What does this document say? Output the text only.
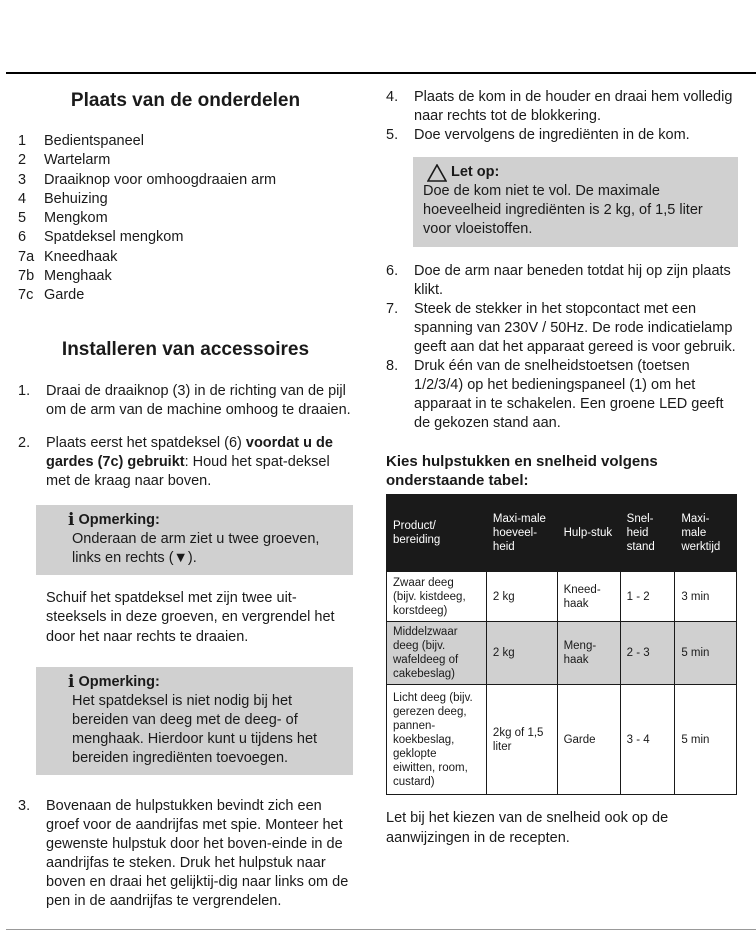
Plaats van de onderdelen
1	Bedientspaneel
2	Wartelarm
3	Draaiknop voor omhoogdraaien arm
4	Behuizing
5	Mengkom
6	Spatdeksel mengkom
7a Kneedhaak
7b Menghaak
7c Garde
Installeren van accessoires
1.	Draai de draaiknop (3) in de richting van de pijl om de arm van de machine omhoog te draaien.
2.	Plaats eerst het spatdeksel (6) voordat u de gardes (7c) gebruikt: Houd het spat-deksel met de kraag naar boven.
i Opmerking:
Onderaan de arm ziet u twee groeven, links en rechts (▼).
Schuif het spatdeksel met zijn twee uit-steeksels in deze groeven, en vergrendel het door het naar rechts te draaien.
i Opmerking:
Het spatdeksel is niet nodig bij het bereiden van deeg met de deeg- of menghaak. Hierdoor kunt u tijdens het bereiden ingrediënten toevoegen.
3.	Bovenaan de hulpstukken bevindt zich een groef voor de aandrijfas met spie. Monteer het gewenste hulpstuk door het boven-einde in de aandrijfas te steken. Druk het hulpstuk naar boven en draai het gelijktij-dig naar links om de pen in de aandrijfas te vergrendelen.
4.	Plaats de kom in de houder en draai hem volledig naar rechts tot de blokkering.
5.	Doe vervolgens de ingrediënten in de kom.
Let op:
Doe de kom niet te vol. De maximale hoeveelheid ingrediënten is 2 kg, of 1,5 liter voor vloeistoffen.
6.	Doe de arm naar beneden totdat hij op zijn plaats klikt.
7.	Steek de stekker in het stopcontact met een spanning van 230V / 50Hz. De rode indicatielamp geeft aan dat het apparaat gereed is voor gebruik.
8.	Druk één van de snelheidstoetsen (toetsen 1/2/3/4) op het bedieningspaneel (1) om het apparaat in te schakelen. Een groene LED geeft de gekozen stand aan.
Kies hulpstukken en snelheid volgens onderstaande tabel:
Product/ bereiding	Maxi-male hoeveel-heid	Hulp-stuk	Snel-heid stand	Maxi-male werktijd
Zwaar deeg (bijv. kistdeeg, korstdeeg)	2 kg	Kneed-haak	1 - 2	3 min
Middelzwaar deeg (bijv. wafeldeeg of cakebeslag)	2 kg	Meng-haak	2 - 3	5 min
Licht deeg (bijv. gerezen deeg, pannen-koekbeslag, geklopte eiwitten, room, custard)	2kg of 1,5 liter	Garde	3 - 4	5 min
Let bij het kiezen van de snelheid ook op de aanwijzingen in de recepten.
